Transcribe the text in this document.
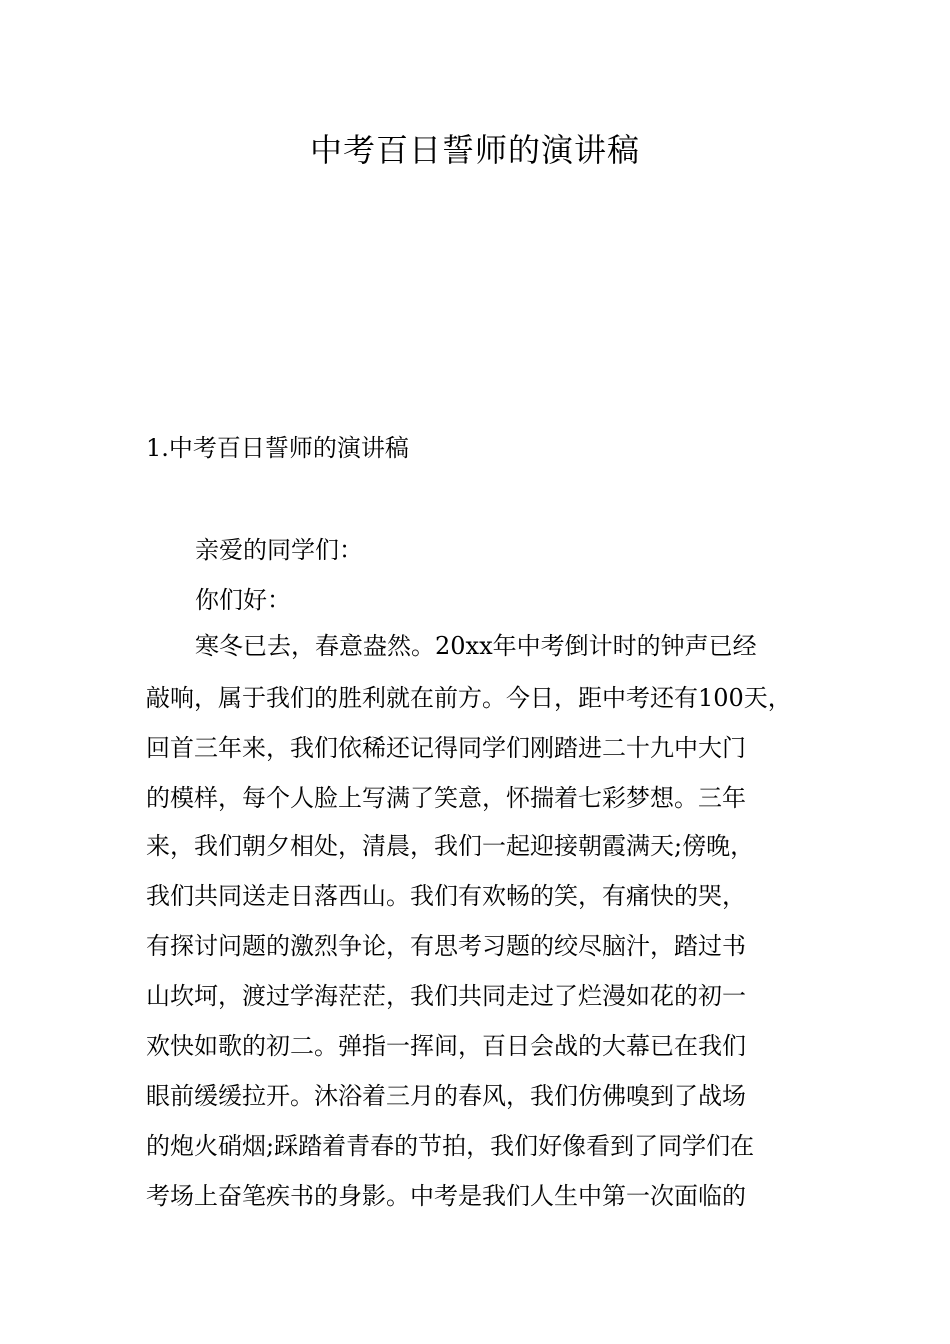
中考百日誓师的演讲稿
1.中考百日誓师的演讲稿

亲爱的同学们：

你们好：

寒冬已去，春意盎然。20xx年中考倒计时的钟声已经

敲响，属于我们的胜利就在前方。今日，距中考还有100天，

回首三年来，我们依稀还记得同学们刚踏进二十九中大门

的模样，每个人脸上写满了笑意，怀揣着七彩梦想。三年

来，我们朝夕相处，清晨，我们一起迎接朝霞满天;傍晚，

我们共同送走日落西山。我们有欢畅的笑，有痛快的哭，

有探讨问题的激烈争论，有思考习题的绞尽脑汁，踏过书

山坎坷，渡过学海茫茫，我们共同走过了烂漫如花的初一

欢快如歌的初二。弹指一挥间，百日会战的大幕已在我们

眼前缓缓拉开。沐浴着三月的春风，我们仿佛嗅到了战场

的炮火硝烟;踩踏着青春的节拍，我们好像看到了同学们在

考场上奋笔疾书的身影。中考是我们人生中第一次面临的
